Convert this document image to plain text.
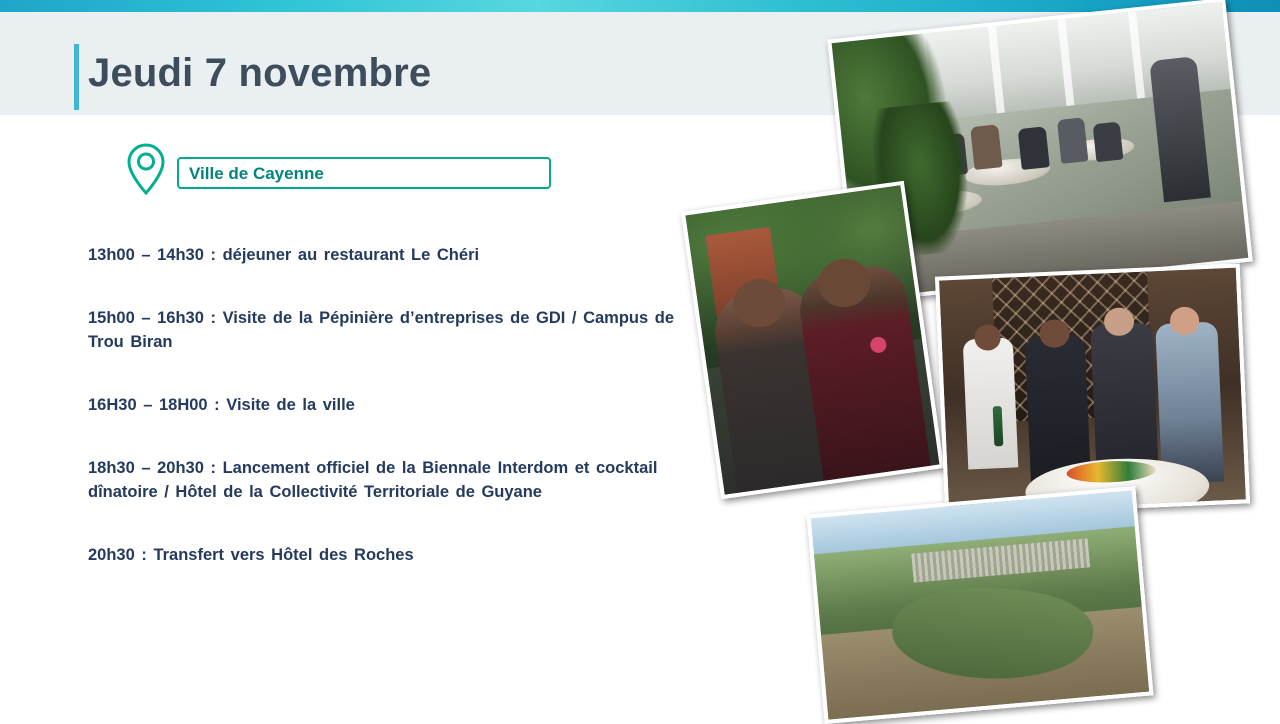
Jeudi 7 novembre
Ville de Cayenne
13h00 – 14h30 : déjeuner au restaurant Le Chéri
15h00 – 16h30 : Visite de la Pépinière d’entreprises de GDI / Campus de Trou Biran
16H30 – 18H00 : Visite de la ville
18h30 – 20h30 : Lancement officiel de la Biennale Interdom et cocktail dînatoire / Hôtel de la Collectivité Territoriale de Guyane
20h30 : Transfert vers Hôtel des Roches
